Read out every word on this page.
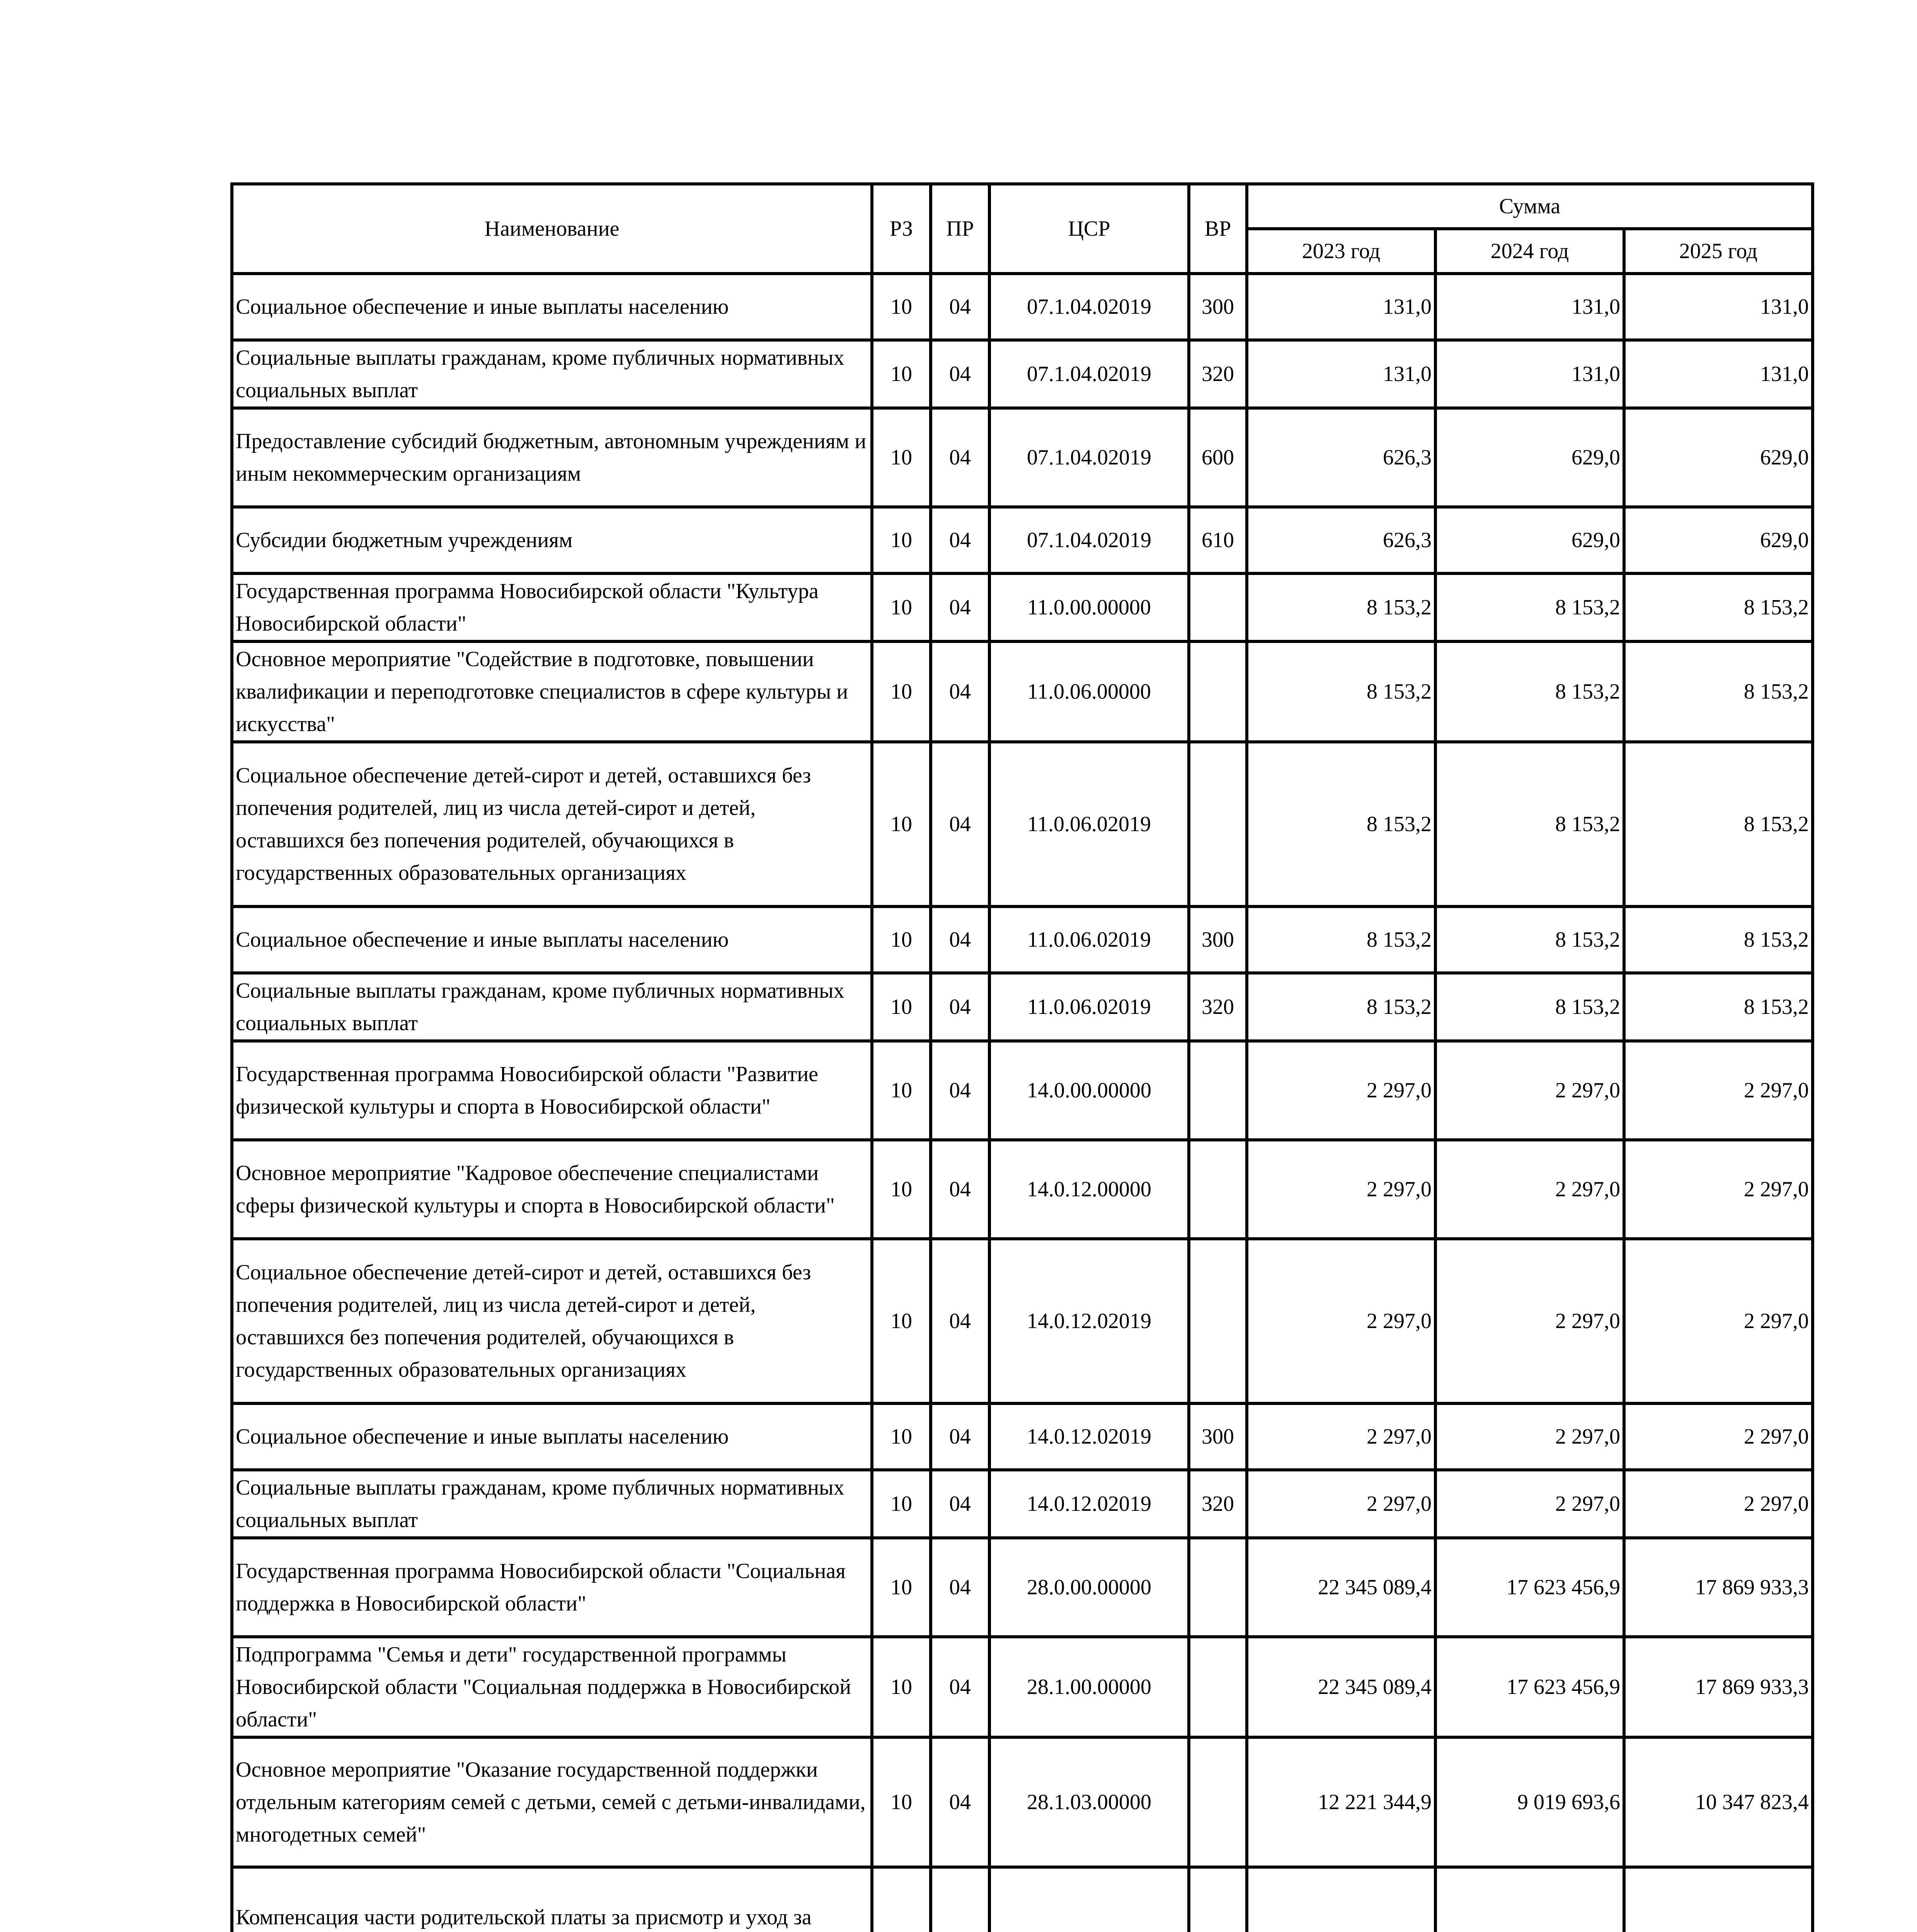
Наименование	РЗ	ПР	ЦСР	ВР	Сумма		
					2023 год	2024 год	2025 год
Социальное обеспечение и иные выплаты населению	10	04	07.1.04.02019	300	131,0	131,0	131,0
Социальные выплаты гражданам, кроме публичных нормативных социальных выплат	10	04	07.1.04.02019	320	131,0	131,0	131,0
Предоставление субсидий бюджетным, автономным учреждениям и иным некоммерческим организациям	10	04	07.1.04.02019	600	626,3	629,0	629,0
Субсидии бюджетным учреждениям	10	04	07.1.04.02019	610	626,3	629,0	629,0
Государственная программа Новосибирской области "Культура Новосибирской области"	10	04	11.0.00.00000		8 153,2	8 153,2	8 153,2
Основное мероприятие "Содействие в подготовке, повышении квалификации и переподготовке специалистов в сфере культуры и искусства"	10	04	11.0.06.00000		8 153,2	8 153,2	8 153,2
Социальное обеспечение детей-сирот и детей, оставшихся без попечения родителей, лиц из числа детей-сирот и детей, оставшихся без попечения родителей, обучающихся в государственных образовательных организациях	10	04	11.0.06.02019		8 153,2	8 153,2	8 153,2
Социальное обеспечение и иные выплаты населению	10	04	11.0.06.02019	300	8 153,2	8 153,2	8 153,2
Социальные выплаты гражданам, кроме публичных нормативных социальных выплат	10	04	11.0.06.02019	320	8 153,2	8 153,2	8 153,2
Государственная программа Новосибирской области "Развитие физической культуры и спорта в Новосибирской области"	10	04	14.0.00.00000		2 297,0	2 297,0	2 297,0
Основное мероприятие "Кадровое обеспечение специалистами сферы физической культуры и спорта в Новосибирской области"	10	04	14.0.12.00000		2 297,0	2 297,0	2 297,0
Социальное обеспечение детей-сирот и детей, оставшихся без попечения родителей, лиц из числа детей-сирот и детей, оставшихся без попечения родителей, обучающихся в государственных образовательных организациях	10	04	14.0.12.02019		2 297,0	2 297,0	2 297,0
Социальное обеспечение и иные выплаты населению	10	04	14.0.12.02019	300	2 297,0	2 297,0	2 297,0
Социальные выплаты гражданам, кроме публичных нормативных социальных выплат	10	04	14.0.12.02019	320	2 297,0	2 297,0	2 297,0
Государственная программа Новосибирской области "Социальная поддержка в Новосибирской области"	10	04	28.0.00.00000		22 345 089,4	17 623 456,9	17 869 933,3
Подпрограмма "Семья и дети" государственной программы Новосибирской области "Социальная поддержка в Новосибирской области"	10	04	28.1.00.00000		22 345 089,4	17 623 456,9	17 869 933,3
Основное мероприятие "Оказание государственной поддержки отдельным категориям семей с детьми, семей с детьми-инвалидами, многодетных семей"	10	04	28.1.03.00000		12 221 344,9	9 019 693,6	10 347 823,4
Компенсация части родительской платы за присмотр и уход за							
